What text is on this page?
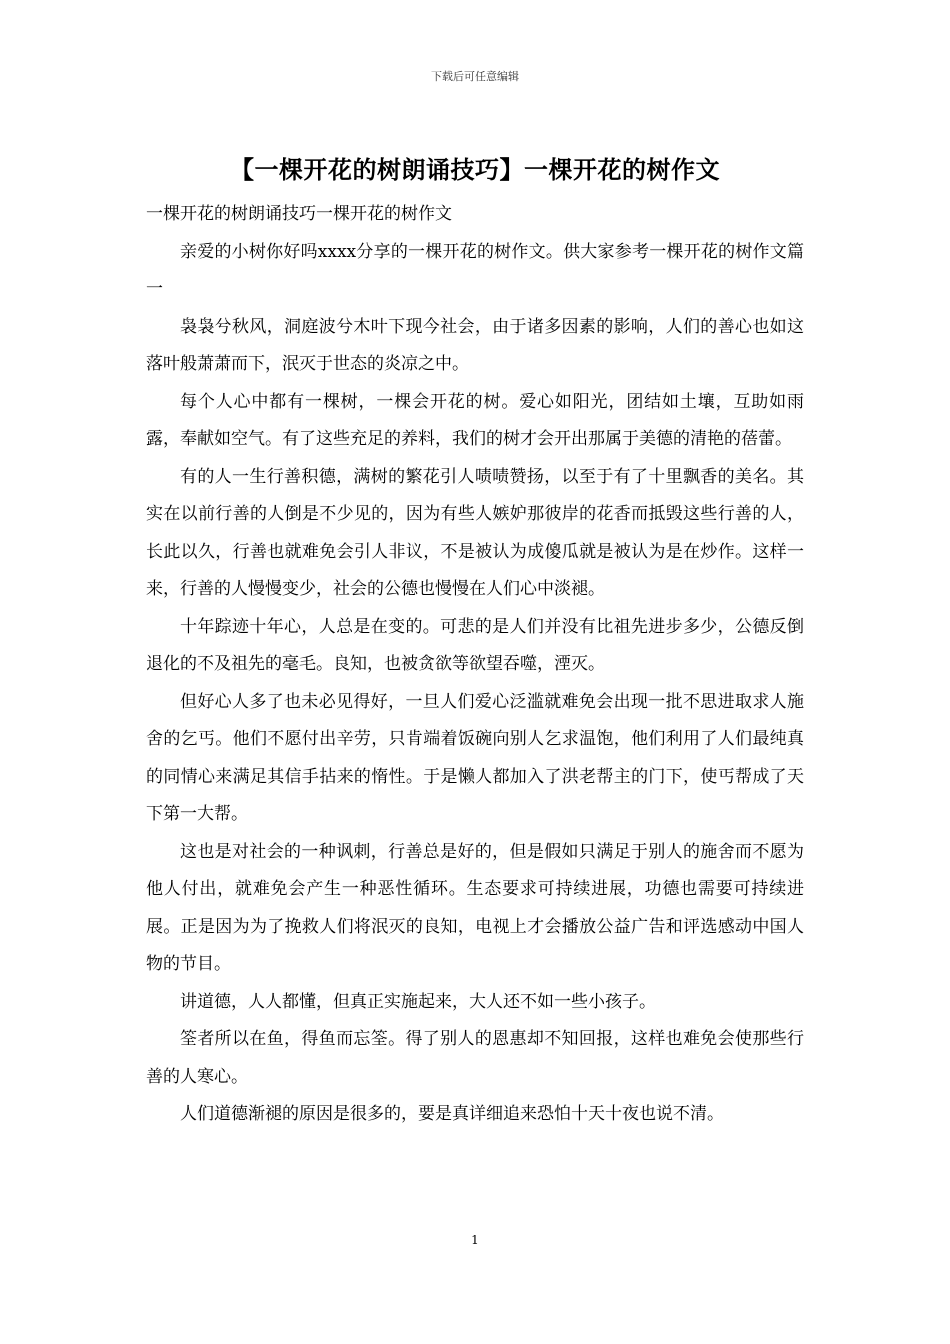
下载后可任意编辑
【一棵开花的树朗诵技巧】一棵开花的树作文

一棵开花的树朗诵技巧一棵开花的树作文

亲爱的小树你好吗xxxx分享的一棵开花的树作文。供大家参考一棵开花的树作文篇一

袅袅兮秋风，洞庭波兮木叶下现今社会，由于诸多因素的影响，人们的善心也如这落叶般萧萧而下，泯灭于世态的炎凉之中。

每个人心中都有一棵树，一棵会开花的树。爱心如阳光，团结如土壤，互助如雨露，奉献如空气。有了这些充足的养料，我们的树才会开出那属于美德的清艳的蓓蕾。

有的人一生行善积德，满树的繁花引人啧啧赞扬，以至于有了十里飘香的美名。其实在以前行善的人倒是不少见的，因为有些人嫉妒那彼岸的花香而抵毁这些行善的人，长此以久，行善也就难免会引人非议，不是被认为成傻瓜就是被认为是在炒作。这样一来，行善的人慢慢变少，社会的公德也慢慢在人们心中淡褪。

十年踪迹十年心，人总是在变的。可悲的是人们并没有比祖先进步多少，公德反倒退化的不及祖先的毫毛。良知，也被贪欲等欲望吞噬，湮灭。

但好心人多了也未必见得好，一旦人们爱心泛滥就难免会出现一批不思进取求人施舍的乞丐。他们不愿付出辛劳，只肯端着饭碗向别人乞求温饱，他们利用了人们最纯真的同情心来满足其信手拈来的惰性。于是懒人都加入了洪老帮主的门下，使丐帮成了天下第一大帮。

这也是对社会的一种讽刺，行善总是好的，但是假如只满足于别人的施舍而不愿为他人付出，就难免会产生一种恶性循环。生态要求可持续进展，功德也需要可持续进展。正是因为为了挽救人们将泯灭的良知，电视上才会播放公益广告和评选感动中国人物的节目。

讲道德，人人都懂，但真正实施起来，大人还不如一些小孩子。

筌者所以在鱼，得鱼而忘筌。得了别人的恩惠却不知回报，这样也难免会使那些行善的人寒心。

人们道德渐褪的原因是很多的，要是真详细追来恐怕十天十夜也说不清。

1
